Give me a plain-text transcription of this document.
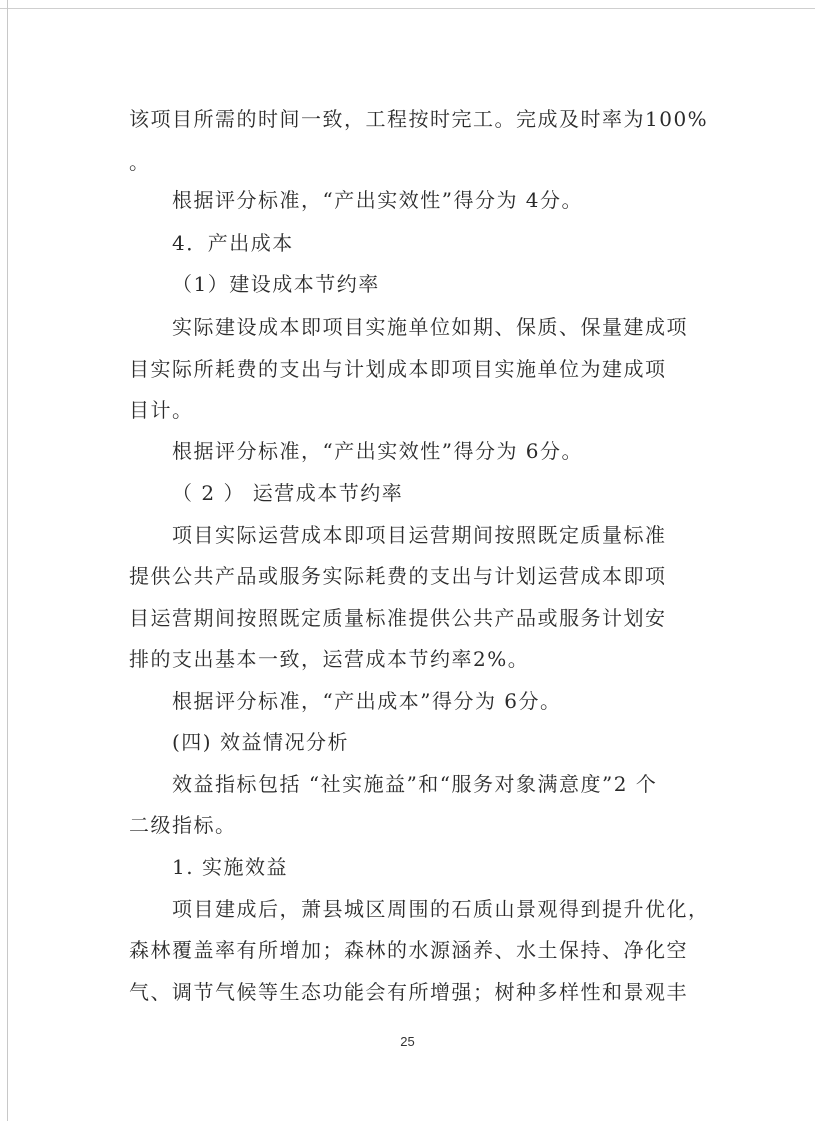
该项目所需的时间一致，工程按时完工。完成及时率为100%
。
根据评分标准，“产出实效性”得分为 4分。
4．产出成本
（1）建设成本节约率
实际建设成本即项目实施单位如期、保质、保量建成项
目实际所耗费的支出与计划成本即项目实施单位为建成项
目计。
根据评分标准，“产出实效性”得分为 6分。
（ 2 ） 运营成本节约率
项目实际运营成本即项目运营期间按照既定质量标准
提供公共产品或服务实际耗费的支出与计划运营成本即项
目运营期间按照既定质量标准提供公共产品或服务计划安
排的支出基本一致，运营成本节约率2%。
根据评分标准，“产出成本”得分为 6分。
(四) 效益情况分析
效益指标包括 “社实施益”和“服务对象满意度”2 个
二级指标。
1. 实施效益
项目建成后，萧县城区周围的石质山景观得到提升优化，
森林覆盖率有所增加；森林的水源涵养、水土保持、净化空
气、调节气候等生态功能会有所增强；树种多样性和景观丰
25
